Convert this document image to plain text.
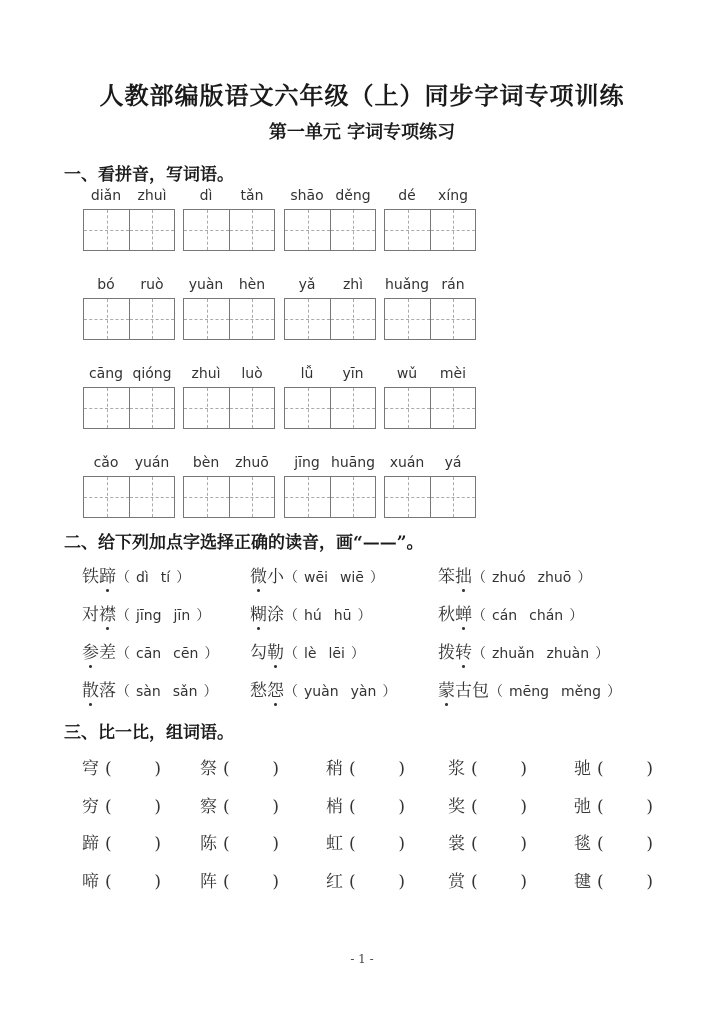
人教部编版语文六年级（上）同步字词专项训练
第一单元 字词专项练习
一、看拼音，写词语。
diǎn	zhuì	dì	tǎn	shāo děng	dé	xíng
bó	ruò	yuàn	hèn	yǎ	zhì	huǎng rán
cāng qióng	zhuì	luò	lǚ	yīn	wǔ	mèi
cǎo	yuán	bèn	zhuō	jīng huāng	xuán	yá
二、给下列加点字选择正确的读音，画“——”。
铁蹄（ dì tí ）	微小（ wēi wiē ）	笨拙（ zhuó zhuō ）
对襟（ jīng jīn ） 糊涂（ hú hū ）	秋蝉（ cán chán ）
参差（ cān cēn ） 勾勒（ lè lēi ）	拨转（ zhuǎn zhuàn ）
散落（ sàn sǎn ） 愁怨（ yuàn yàn ） 蒙古包（ mēng měng ）
三、比一比，组词语。
穹 (   )	祭 (   )	稍 (   )	浆 (   )	驰(   )
穷 (   )	察 (   )	梢 (   )	奖 (   )	弛(   )
蹄 (   )	陈 (   )	虹 (   )	裳 (   )	毯(   )
啼 (   )	阵 (   )	红 (   )	赏 (   )	毽(   )
- 1 -
